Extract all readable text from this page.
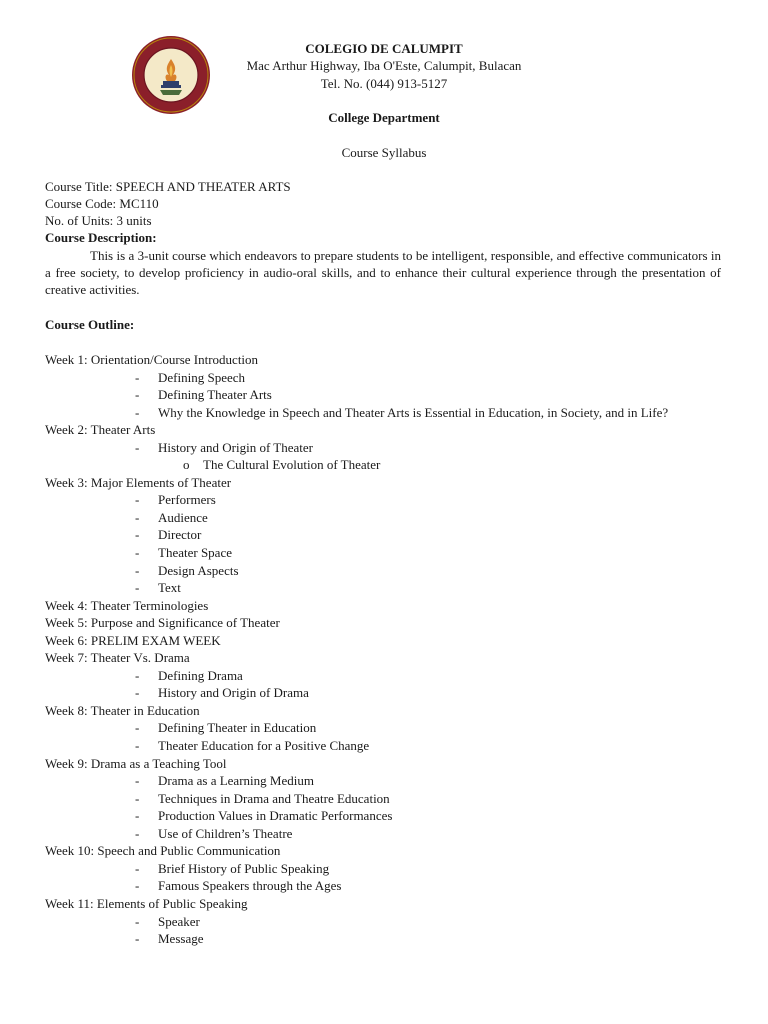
COLEGIO DE CALUMPIT
Mac Arthur Highway, Iba O'Este, Calumpit, Bulacan
Tel. No. (044) 913-5127
College Department
Course Syllabus
Course Title: SPEECH AND THEATER ARTS
Course Code: MC110
No. of Units: 3 units
Course Description:

This is a 3-unit course which endeavors to prepare students to be intelligent, responsible, and effective communicators in a free society, to develop proficiency in audio-oral skills, and to enhance their cultural experience through the presentation of creative activities.

Course Outline:
Week 1: Orientation/Course Introduction
- Defining Speech
- Defining Theater Arts
- Why the Knowledge in Speech and Theater Arts is Essential in Education, in Society, and in Life?
Week 2: Theater Arts
- History and Origin of Theater
o The Cultural Evolution of Theater
Week 3: Major Elements of Theater
- Performers
- Audience
- Director
- Theater Space
- Design Aspects
- Text
Week 4: Theater Terminologies
Week 5: Purpose and Significance of Theater
Week 6: PRELIM EXAM WEEK
Week 7: Theater Vs. Drama
- Defining Drama
- History and Origin of Drama
Week 8: Theater in Education
- Defining Theater in Education
- Theater Education for a Positive Change
Week 9: Drama as a Teaching Tool
- Drama as a Learning Medium
- Techniques in Drama and Theatre Education
- Production Values in Dramatic Performances
- Use of Children’s Theatre
Week 10: Speech and Public Communication
- Brief History of Public Speaking
- Famous Speakers through the Ages
Week 11: Elements of Public Speaking
- Speaker
- Message
